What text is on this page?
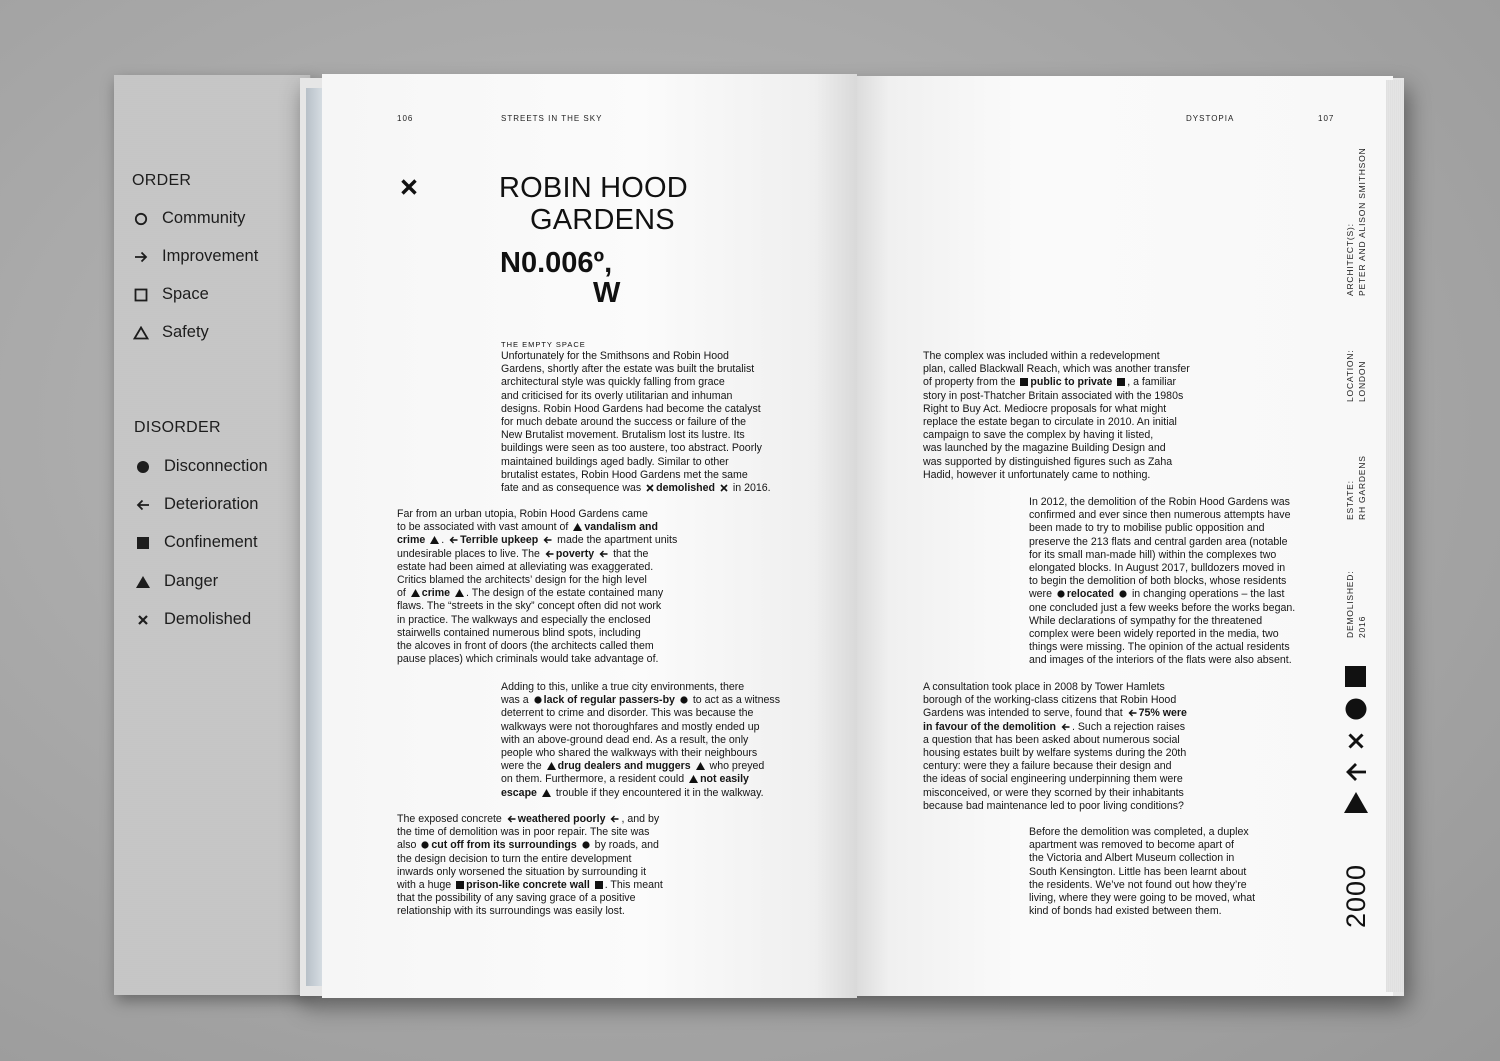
ORDER
Community
Improvement
Space
Safety
DISORDER
Disconnection
Deterioration
Confinement
Danger
Demolished
106	STREETS IN THE SKY
ROBIN HOOD
GARDENS
N0.006º,
W
THE EMPTY SPACE

Unfortunately for the Smithsons and Robin Hood

Gardens, shortly after the estate was built the brutalist

architectural style was quickly falling from grace

and criticised for its overly utilitarian and inhuman

designs. Robin Hood Gardens had become the catalyst

for much debate around the success or failure of the

New Brutalist movement. Brutalism lost its lustre. Its

buildings were seen as too austere, too abstract. Poorly

maintained buildings aged badly. Similar to other

brutalist estates, Robin Hood Gardens met the same

fate and as consequence was demolished in 2016.

Far from an urban utopia, Robin Hood Gardens came

to be associated with vast amount of vandalism and

crime . Terrible upkeep made the apartment units

undesirable places to live. The poverty that the

estate had been aimed at alleviating was exaggerated.

Critics blamed the architects’ design for the high level

of crime . The design of the estate contained many

flaws. The “streets in the sky” concept often did not work

in practice. The walkways and especially the enclosed

stairwells contained numerous blind spots, including

the alcoves in front of doors (the architects called them

pause places) which criminals would take advantage of.

Adding to this, unlike a true city environments, there

was a lack of regular passers-by to act as a witness

deterrent to crime and disorder. This was because the

walkways were not thoroughfares and mostly ended up

with an above-ground dead end. As a result, the only

people who shared the walkways with their neighbours

were the drug dealers and muggers who preyed

on them. Furthermore, a resident could not easily

escape trouble if they encountered it in the walkway.

The exposed concrete weathered poorly , and by

the time of demolition was in poor repair. The site was

also cut off from its surroundings by roads, and

the design decision to turn the entire development

inwards only worsened the situation by surrounding it

with a huge prison-like concrete wall . This meant

that the possibility of any saving grace of a positive

relationship with its surroundings was easily lost.

DYSTOPIA	107

The complex was included within a redevelopment

plan, called Blackwall Reach, which was another transfer

of property from the public to private , a familiar

story in post-Thatcher Britain associated with the 1980s

Right to Buy Act. Mediocre proposals for what might

replace the estate began to circulate in 2010. An initial

campaign to save the complex by having it listed,

was launched by the magazine Building Design and

was supported by distinguished figures such as Zaha

Hadid, however it unfortunately came to nothing.

In 2012, the demolition of the Robin Hood Gardens was

confirmed and ever since then numerous attempts have

been made to try to mobilise public opposition and

preserve the 213 flats and central garden area (notable

for its small man-made hill) within the complexes two

elongated blocks. In August 2017, bulldozers moved in

to begin the demolition of both blocks, whose residents

were relocated in changing operations – the last

one concluded just a few weeks before the works began.

While declarations of sympathy for the threatened

complex were been widely reported in the media, two

things were missing. The opinion of the actual residents

and images of the interiors of the flats were also absent.

A consultation took place in 2008 by Tower Hamlets

borough of the working-class citizens that Robin Hood

Gardens was intended to serve, found that 75% were

in favour of the demolition . Such a rejection raises

a question that has been asked about numerous social

housing estates built by welfare systems during the 20th

century: were they a failure because their design and

the ideas of social engineering underpinning them were

misconceived, or were they scorned by their inhabitants

because bad maintenance led to poor living conditions?

Before the demolition was completed, a duplex

apartment was removed to become apart of

the Victoria and Albert Museum collection in

South Kensington. Little has been learnt about

the residents. We’ve not found out how they’re

living, where they were going to be moved, what

kind of bonds had existed between them.

ARCHITECT(S): PETER AND ALISON SMITHSON
LOCATION: LONDON
ESTATE: RH GARDENS
DEMOLISHED: 2016
2000
